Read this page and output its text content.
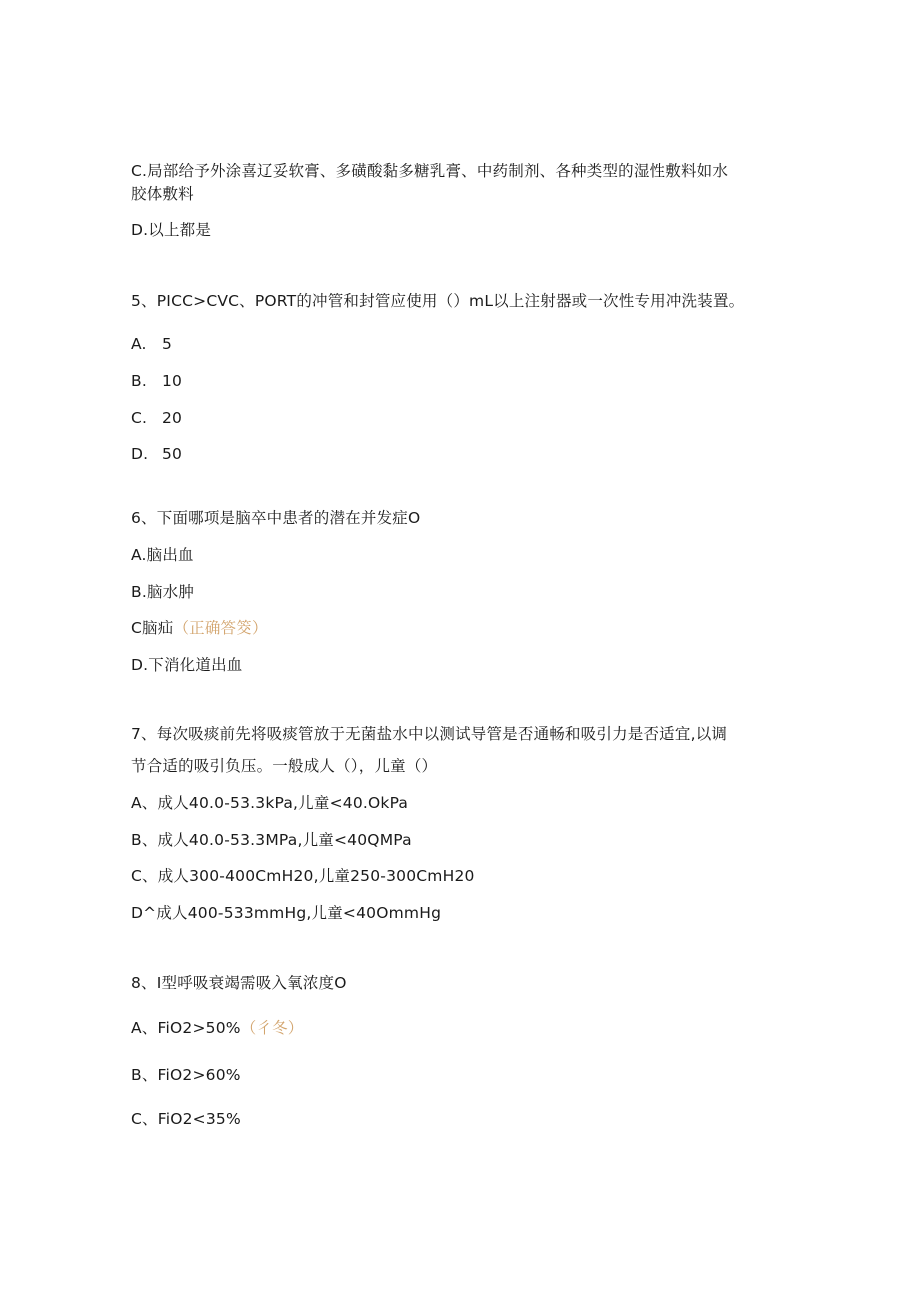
C.局部给予外涂喜辽妥软膏、多磺酸黏多糖乳膏、中药制剂、各种类型的湿性敷料如水
胶体敷料
D.以上都是
5、PICC>CVC、PORT的冲管和封管应使用（）mL以上注射器或一次性专用冲洗装置。
A. 5
B. 10
C. 20
D. 50
6、下面哪项是脑卒中患者的潜在并发症O
A.脑出血
B.脑水肿
C脑疝（正确答筊）
D.下消化道出血
7、每次吸痰前先将吸痰管放于无菌盐水中以测试导管是否通畅和吸引力是否适宜,以调
节合适的吸引负压。一般成人（），儿童（）
A、成人40.0-53.3kPa,儿童<40.OkPa
B、成人40.0-53.3MPa,儿童<40QMPa
C、成人300-400CmH20,儿童250-300CmH20
D^成人400-533mmHg,儿童<40OmmHg
8、I型呼吸衰竭需吸入氧浓度O
A、FiO2>50%（彳冬）
B、FiO2>60%
C、FiO2<35%
